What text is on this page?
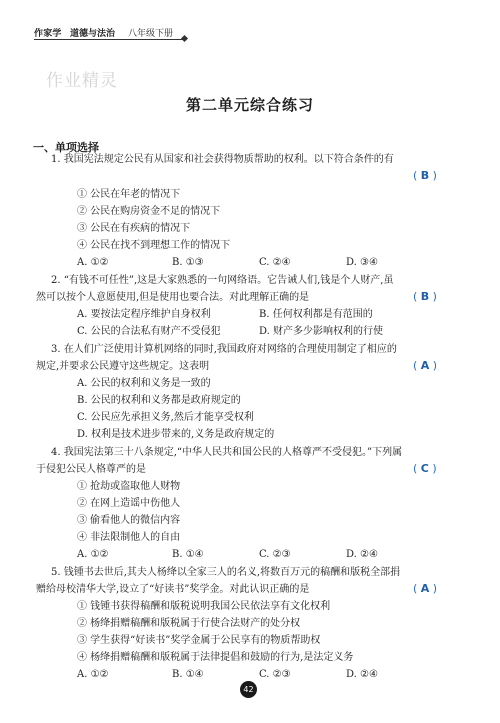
作家学 道德与法治 八年级下册
作业精灵
第二单元综合练习
一、单项选择
1. 我国宪法规定公民有从国家和社会获得物质帮助的权利。以下符合条件的有
( B )
① 公民在年老的情况下
② 公民在购房资金不足的情况下
③ 公民在有疾病的情况下
④ 公民在找不到理想工作的情况下
A. ①②	B. ①③	C. ②④	D. ③④
2. “有钱不可任性”,这是大家熟悉的一句网络语。它告诫人们,钱是个人财产,虽
然可以按个人意愿使用,但是使用也要合法。对此理解正确的是	( B )
A. 要按法定程序维护自身权利	B. 任何权利都是有范围的
C. 公民的合法私有财产不受侵犯	D. 财产多少影响权利的行使
3. 在人们广泛使用计算机网络的同时,我国政府对网络的合理使用制定了相应的
规定,并要求公民遵守这些规定。这表明	( A )
A. 公民的权利和义务是一致的
B. 公民的权利和义务都是政府规定的
C. 公民应先承担义务,然后才能享受权利
D. 权利是技术进步带来的,义务是政府规定的
4. 我国宪法第三十八条规定,“中华人民共和国公民的人格尊严不受侵犯。”下列属
于侵犯公民人格尊严的是	( C )
① 抢劫或盗取他人财物
② 在网上造谣中伤他人
③ 偷看他人的微信内容
④ 非法限制他人的自由
A. ①②	B. ①④	C. ②③	D. ②④
5. 钱锺书去世后,其夫人杨绛以全家三人的名义,将数百万元的稿酬和版税全部捐
赠给母校清华大学,设立了“好读书”奖学金。对此认识正确的是	( A )
① 钱锺书获得稿酬和版税说明我国公民依法享有文化权利
② 杨绛捐赠稿酬和版税属于行使合法财产的处分权
③ 学生获得“好读书”奖学金属于公民享有的物质帮助权
④ 杨绛捐赠稿酬和版税属于法律提倡和鼓励的行为,是法定义务
A. ①②	B. ①④	C. ②③	D. ②④
42
